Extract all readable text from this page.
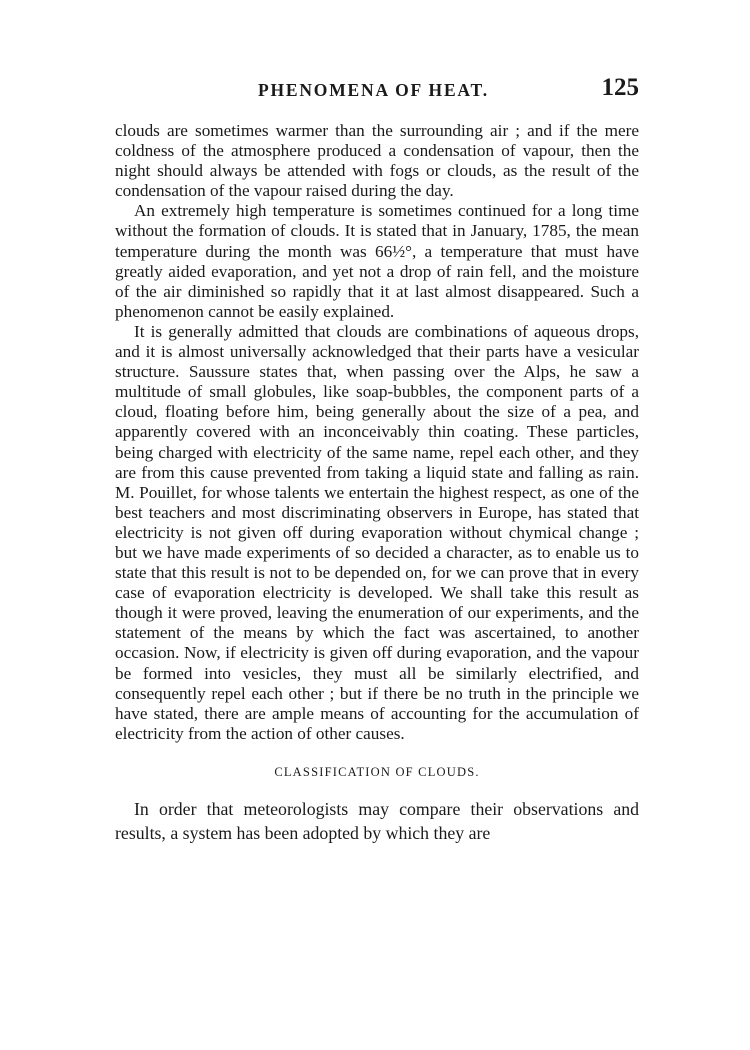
PHENOMENA OF HEAT.	125

clouds are sometimes warmer than the surrounding air ; and if the mere coldness of the atmosphere produced a condensation of vapour, then the night should always be attended with fogs or clouds, as the result of the condensation of the vapour raised during the day.

An extremely high temperature is sometimes continued for a long time without the formation of clouds. It is stated that in January, 1785, the mean temperature during the month was 66½°, a temperature that must have greatly aided evaporation, and yet not a drop of rain fell, and the moisture of the air diminished so rapidly that it at last almost disappeared. Such a phenomenon cannot be easily explained.

It is generally admitted that clouds are combinations of aqueous drops, and it is almost universally acknowledged that their parts have a vesicular structure. Saussure states that, when passing over the Alps, he saw a multitude of small globules, like soap-bubbles, the component parts of a cloud, floating before him, being generally about the size of a pea, and apparently covered with an inconceivably thin coating. These particles, being charged with electricity of the same name, repel each other, and they are from this cause prevented from taking a liquid state and falling as rain. M. Pouillet, for whose talents we entertain the highest respect, as one of the best teachers and most discriminating observers in Europe, has stated that electricity is not given off during evaporation without chymical change ; but we have made experiments of so decided a character, as to enable us to state that this result is not to be depended on, for we can prove that in every case of evaporation electricity is developed. We shall take this result as though it were proved, leaving the enumeration of our experiments, and the statement of the means by which the fact was ascertained, to another occasion. Now, if electricity is given off during evaporation, and the vapour be formed into vesicles, they must all be similarly electrified, and consequently repel each other ; but if there be no truth in the principle we have stated, there are ample means of accounting for the accumulation of electricity from the action of other causes.

CLASSIFICATION OF CLOUDS.

In order that meteorologists may compare their observations and results, a system has been adopted by which they are
